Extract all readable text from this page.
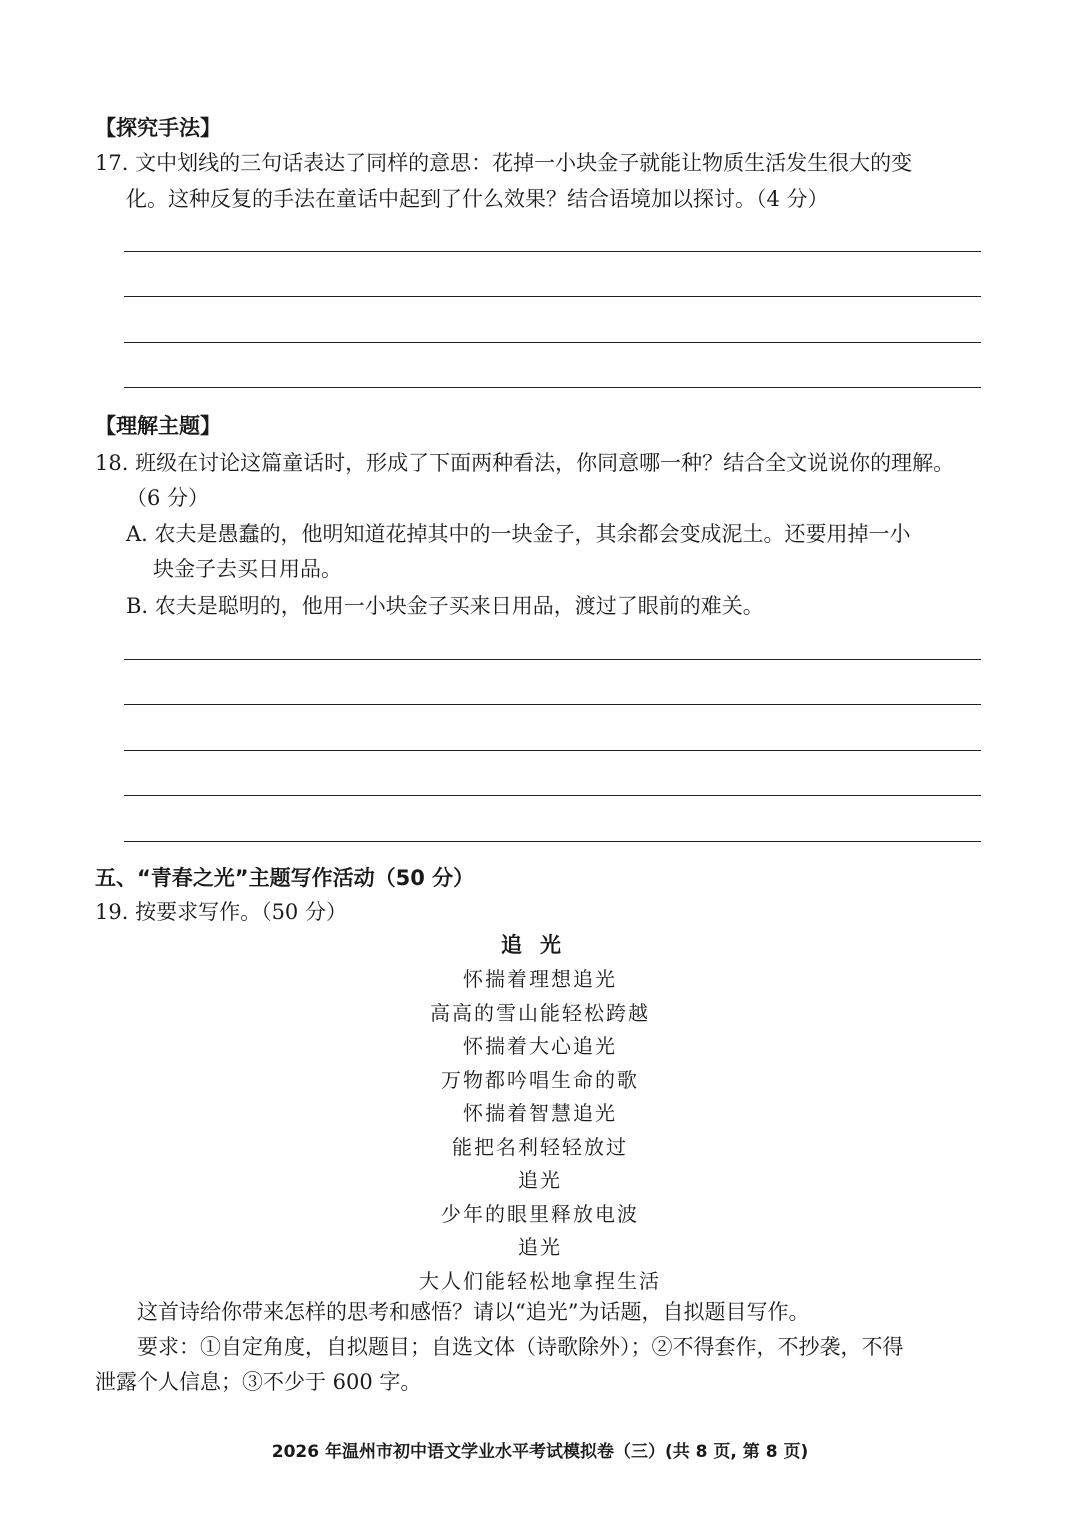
【探究手法】
17. 文中划线的三句话表达了同样的意思：花掉一小块金子就能让物质生活发生很大的变
化。这种反复的手法在童话中起到了什么效果？结合语境加以探讨。（4 分）
【理解主题】
18. 班级在讨论这篇童话时，形成了下面两种看法，你同意哪一种？结合全文说说你的理解。
（6 分）
A. 农夫是愚蠢的，他明知道花掉其中的一块金子，其余都会变成泥土。还要用掉一小
块金子去买日用品。
B. 农夫是聪明的，他用一小块金子买来日用品，渡过了眼前的难关。
五、“青春之光”主题写作活动（50 分）
19. 按要求写作。（50 分）
追光
怀揣着理想追光
高高的雪山能轻松跨越
怀揣着大心追光
万物都吟唱生命的歌
怀揣着智慧追光
能把名利轻轻放过
追光
少年的眼里释放电波
追光
大人们能轻松地拿捏生活
这首诗给你带来怎样的思考和感悟？请以“追光”为话题，自拟题目写作。
要求：①自定角度，自拟题目；自选文体（诗歌除外）；②不得套作，不抄袭，不得
泄露个人信息；③不少于 600 字。
2026 年温州市初中语文学业水平考试模拟卷（三）(共 8 页, 第 8 页)
